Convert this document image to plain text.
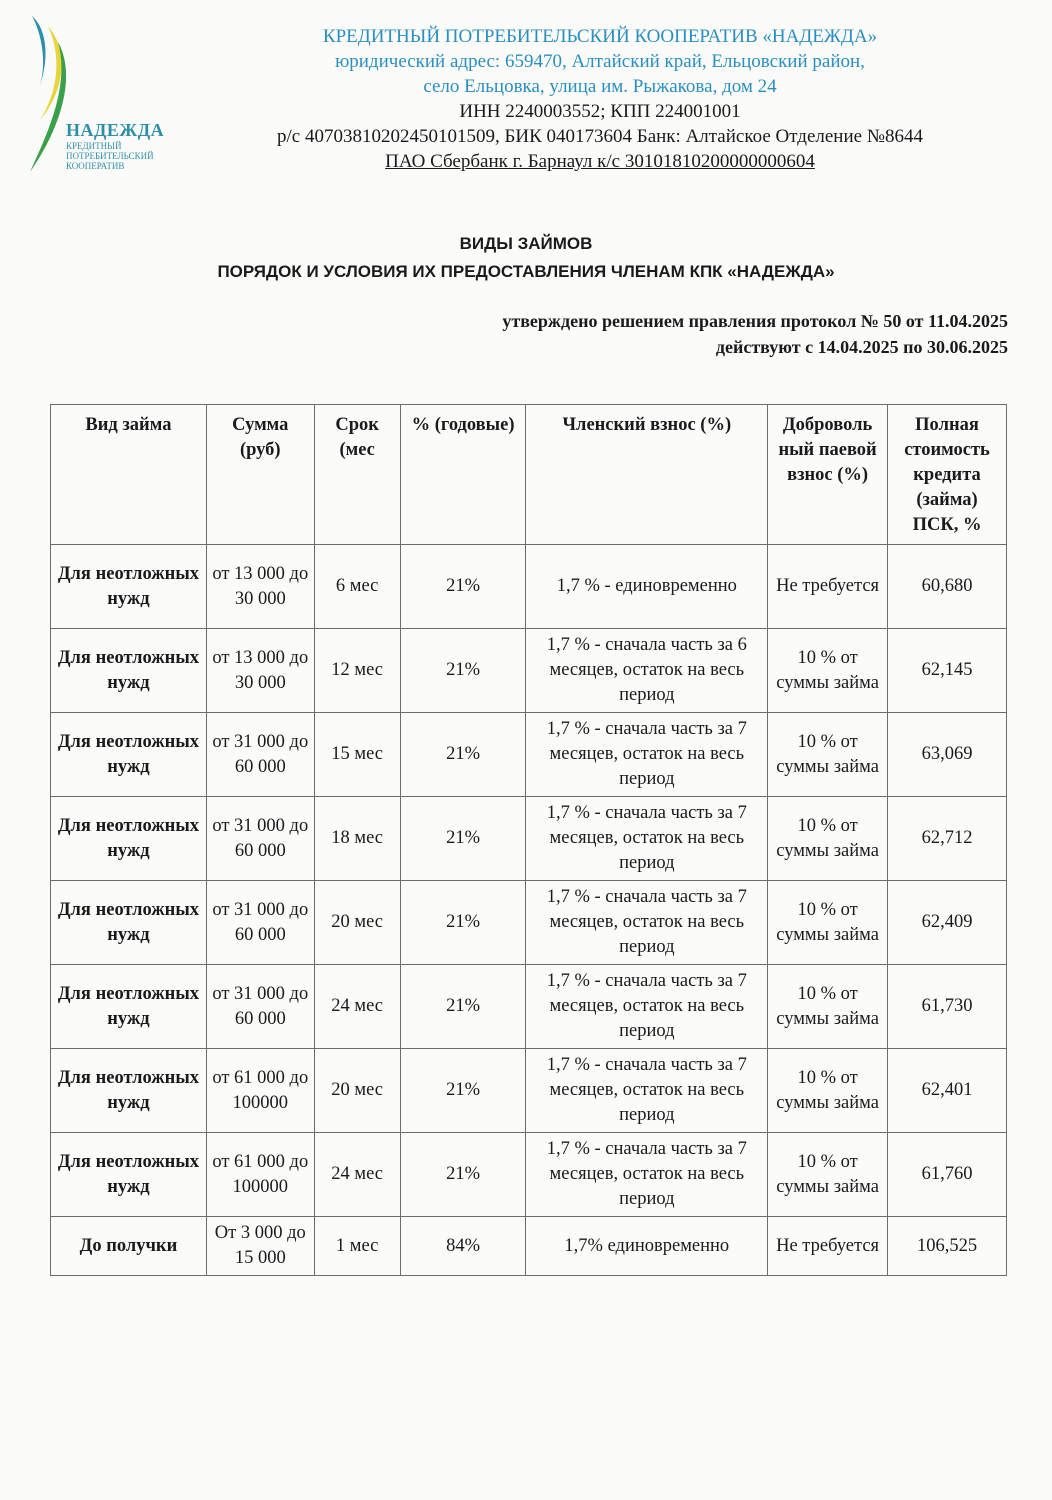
НАДЕЖДА
КРЕДИТНЫЙ ПОТРЕБИТЕЛЬСКИЙ КООПЕРАТИВ
КРЕДИТНЫЙ ПОТРЕБИТЕЛЬСКИЙ КООПЕРАТИВ «НАДЕЖДА»
юридический адрес: 659470, Алтайский край, Ельцовский район,
село Ельцовка, улица им. Рыжакова, дом 24
ИНН 2240003552; КПП 224001001
р/с 40703810202450101509, БИК 040173604 Банк: Алтайское Отделение №8644
ПАО Сбербанк г. Барнаул к/с 30101810200000000604
ВИДЫ ЗАЙМОВ
ПОРЯДОК И УСЛОВИЯ ИХ ПРЕДОСТАВЛЕНИЯ ЧЛЕНАМ КПК «НАДЕЖДА»
утверждено решением правления протокол № 50 от 11.04.2025
действуют с 14.04.2025 по 30.06.2025
Вид займа	Сумма (руб)	Срок (мес	% (годовые)	Членский взнос (%)	Доброволь ный паевой взнос (%)	Полная стоимость кредита (займа) ПСК, %
Для неотложных нужд	от 13 000 до 30 000	6 мес	21%	1,7 % - единовременно	Не требуется	60,680
Для неотложных нужд	от 13 000 до 30 000	12 мес	21%	1,7 % - сначала часть за 6 месяцев, остаток на весь период	10 % от суммы займа	62,145
Для неотложных нужд	от 31 000 до 60 000	15 мес	21%	1,7 % - сначала часть за 7 месяцев, остаток на весь период	10 % от суммы займа	63,069
Для неотложных нужд	от 31 000 до 60 000	18 мес	21%	1,7 % - сначала часть за 7 месяцев, остаток на весь период	10 % от суммы займа	62,712
Для неотложных нужд	от 31 000 до 60 000	20 мес	21%	1,7 % - сначала часть за 7 месяцев, остаток на весь период	10 % от суммы займа	62,409
Для неотложных нужд	от 31 000 до 60 000	24 мес	21%	1,7 % - сначала часть за 7 месяцев, остаток на весь период	10 % от суммы займа	61,730
Для неотложных нужд	от 61 000 до 100000	20 мес	21%	1,7 % - сначала часть за 7 месяцев, остаток на весь период	10 % от суммы займа	62,401
Для неотложных нужд	от 61 000 до 100000	24 мес	21%	1,7 % - сначала часть за 7 месяцев, остаток на весь период	10 % от суммы займа	61,760
До получки	От 3 000 до 15 000	1 мес	84%	1,7% единовременно	Не требуется	106,525
